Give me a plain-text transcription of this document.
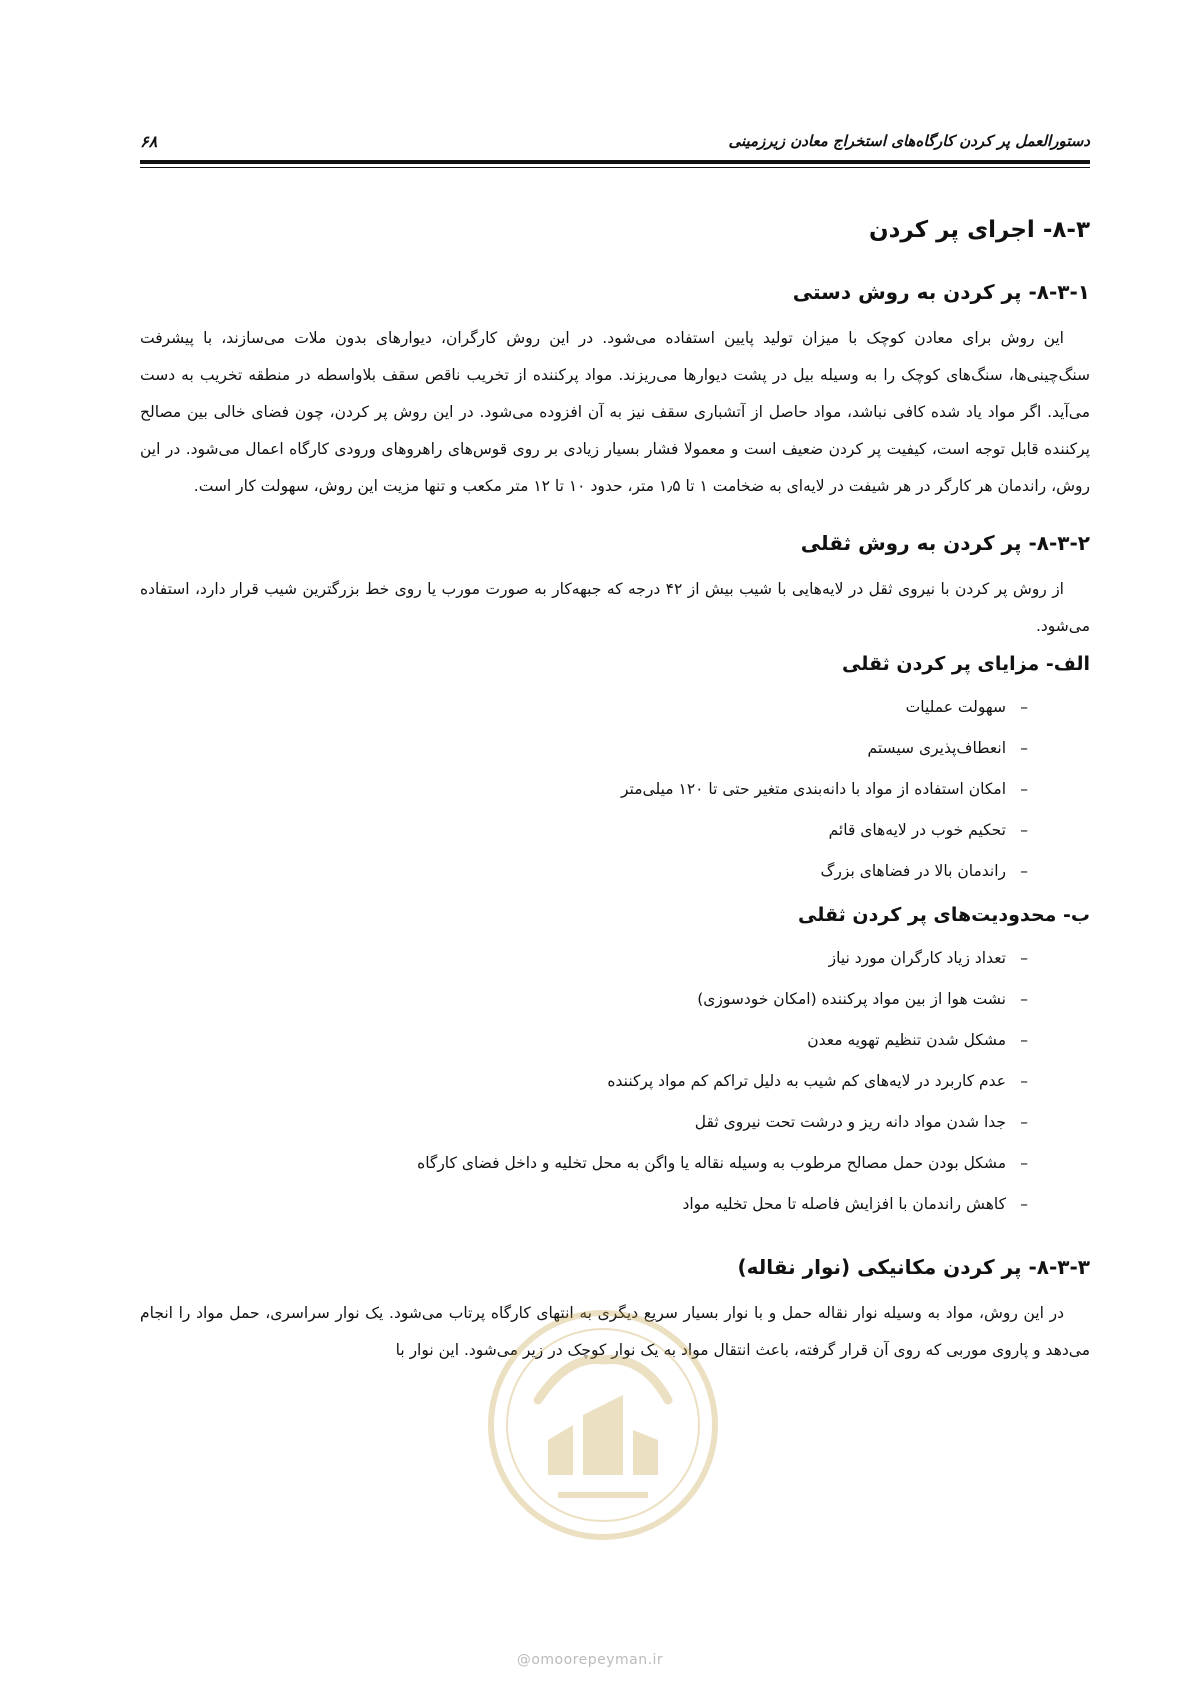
دستورالعمل پر کردن کارگاه‌های استخراج معادن زیرزمینی
۶۸
۸-۳- اجرای پر کردن
۸-۳-۱- پر کردن به روش دستی

این روش برای معادن کوچک با میزان تولید پایین استفاده می‌شود. در این روش کارگران، دیوارهای بدون ملات می‌سازند، با پیشرفت سنگ‌چینی‌ها، سنگ‌های کوچک را به وسیله بیل در پشت دیوارها می‌ریزند. مواد پرکننده از تخریب ناقص سقف بلاواسطه در منطقه تخریب به دست می‌آید. اگر مواد یاد شده کافی نباشد، مواد حاصل از آتشباری سقف نیز به آن افزوده می‌شود. در این روش پر کردن، چون فضای خالی بین مصالح پرکننده قابل توجه است، کیفیت پر کردن ضعیف است و معمولا فشار بسیار زیادی بر روی قوس‌های راهروهای ورودی کارگاه اعمال می‌شود. در این روش، راندمان هر کارگر در هر شیفت در لایه‌ای به ضخامت ۱ تا ۱٫۵ متر، حدود ۱۰ تا ۱۲ متر مکعب و تنها مزیت این روش، سهولت کار است.

۸-۳-۲- پر کردن به روش ثقلی

از روش پر کردن با نیروی ثقل در لایه‌هایی با شیب بیش از ۴۲ درجه که جبهه‌کار به صورت مورب یا روی خط بزرگترین شیب قرار دارد، استفاده می‌شود.

الف- مزایای پر کردن ثقلی
–سهولت عملیات
–انعطاف‌پذیری سیستم
–امکان استفاده از مواد با دانه‌بندی متغیر حتی تا ۱۲۰ میلی‌متر
–تحکیم خوب در لایه‌های قائم
–راندمان بالا در فضاهای بزرگ
ب- محدودیت‌های پر کردن ثقلی
–تعداد زیاد کارگران مورد نیاز
–نشت هوا از بین مواد پرکننده (امکان خودسوزی)
–مشکل شدن تنظیم تهویه معدن
–عدم کاربرد در لایه‌های کم شیب به دلیل تراکم کم مواد پرکننده
–جدا شدن مواد دانه ریز و درشت تحت نیروی ثقل
–مشکل بودن حمل مصالح مرطوب به وسیله نقاله یا واگن به محل تخلیه و داخل فضای کارگاه
–کاهش راندمان با افزایش فاصله تا محل تخلیه مواد
۸-۳-۳- پر کردن مکانیکی (نوار نقاله)

در این روش، مواد به وسیله نوار نقاله حمل و با نوار بسیار سریع دیگری به انتهای کارگاه پرتاب می‌شود. یک نوار سراسری، حمل مواد را انجام می‌دهد و پاروی موربی که روی آن قرار گرفته، باعث انتقال مواد به یک نوار کوچک در زیر می‌شود. این نوار با

@omoorepeyman.ir
